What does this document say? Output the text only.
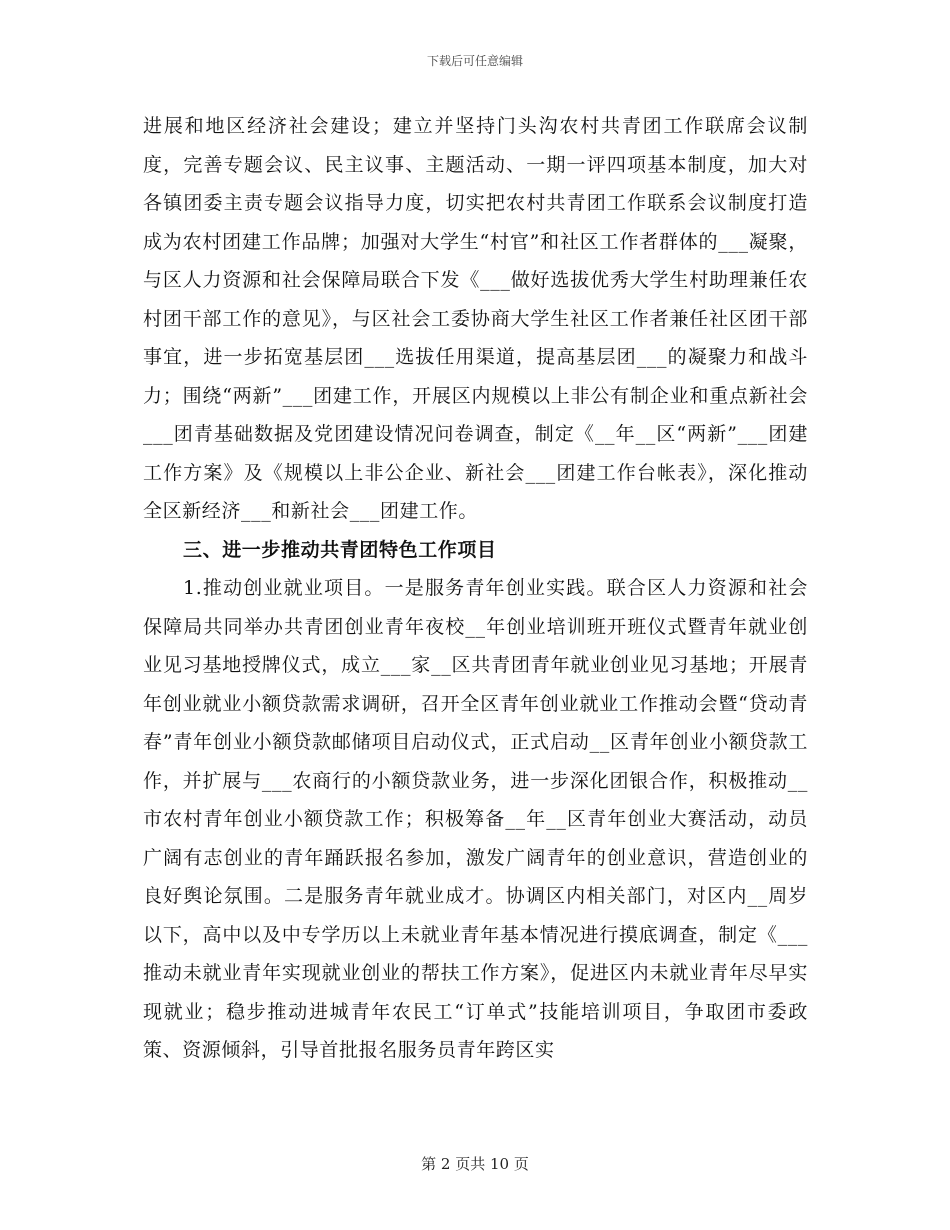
下载后可任意编辑

进展和地区经济社会建设；建立并坚持门头沟农村共青团工作联席会议制度，完善专题会议、民主议事、主题活动、一期一评四项基本制度，加大对各镇团委主责专题会议指导力度，切实把农村共青团工作联系会议制度打造成为农村团建工作品牌；加强对大学生“村官”和社区工作者群体的___凝聚，与区人力资源和社会保障局联合下发《___做好选拔优秀大学生村助理兼任农村团干部工作的意见》，与区社会工委协商大学生社区工作者兼任社区团干部事宜，进一步拓宽基层团___选拔任用渠道，提高基层团___的凝聚力和战斗力；围绕“两新”___团建工作，开展区内规模以上非公有制企业和重点新社会___团青基础数据及党团建设情况问卷调查，制定《__年__区“两新”___团建工作方案》及《规模以上非公企业、新社会___团建工作台帐表》，深化推动全区新经济___和新社会___团建工作。

三、进一步推动共青团特色工作项目

1.推动创业就业项目。一是服务青年创业实践。联合区人力资源和社会保障局共同举办共青团创业青年夜校__年创业培训班开班仪式暨青年就业创业见习基地授牌仪式，成立___家__区共青团青年就业创业见习基地；开展青年创业就业小额贷款需求调研，召开全区青年创业就业工作推动会暨“贷动青春”青年创业小额贷款邮储项目启动仪式，正式启动__区青年创业小额贷款工作，并扩展与___农商行的小额贷款业务，进一步深化团银合作，积极推动__市农村青年创业小额贷款工作；积极筹备__年__区青年创业大赛活动，动员广阔有志创业的青年踊跃报名参加，激发广阔青年的创业意识，营造创业的良好舆论氛围。二是服务青年就业成才。协调区内相关部门，对区内__周岁以下，高中以及中专学历以上未就业青年基本情况进行摸底调查，制定《___推动未就业青年实现就业创业的帮扶工作方案》，促进区内未就业青年尽早实现就业；稳步推动进城青年农民工“订单式”技能培训项目，争取团市委政策、资源倾斜，引导首批报名服务员青年跨区实

第 2 页共 10 页
